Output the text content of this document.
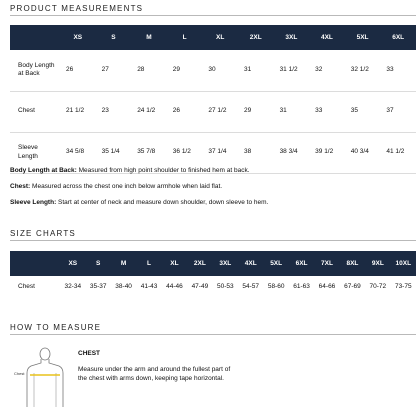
PRODUCT MEASUREMENTS
	XS	S	M	L	XL	2XL	3XL	4XL	5XL	6XL
Body Length at Back	26	27	28	29	30	31	31 1/2	32	32 1/2	33
Chest	21 1/2	23	24 1/2	26	27 1/2	29	31	33	35	37
Sleeve Length	34 5/8	35 1/4	35 7/8	36 1/2	37 1/4	38	38 3/4	39 1/2	40 3/4	41 1/2
Body Length at Back: Measured from high point shoulder to finished hem at back.
Chest: Measured across the chest one inch below armhole when laid flat.
Sleeve Length: Start at center of neck and measure down shoulder, down sleeve to hem.
SIZE CHARTS
	XS	S	M	L	XL	2XL	3XL	4XL	5XL	6XL	7XL	8XL	9XL	10XL
Chest	32-34	35-37	38-40	41-43	44-46	47-49	50-53	54-57	58-60	61-63	64-66	67-69	70-72	73-75
HOW TO MEASURE
Chest
CHEST
Measure under the arm and around the fullest part of the chest with arms down, keeping tape horizontal.
